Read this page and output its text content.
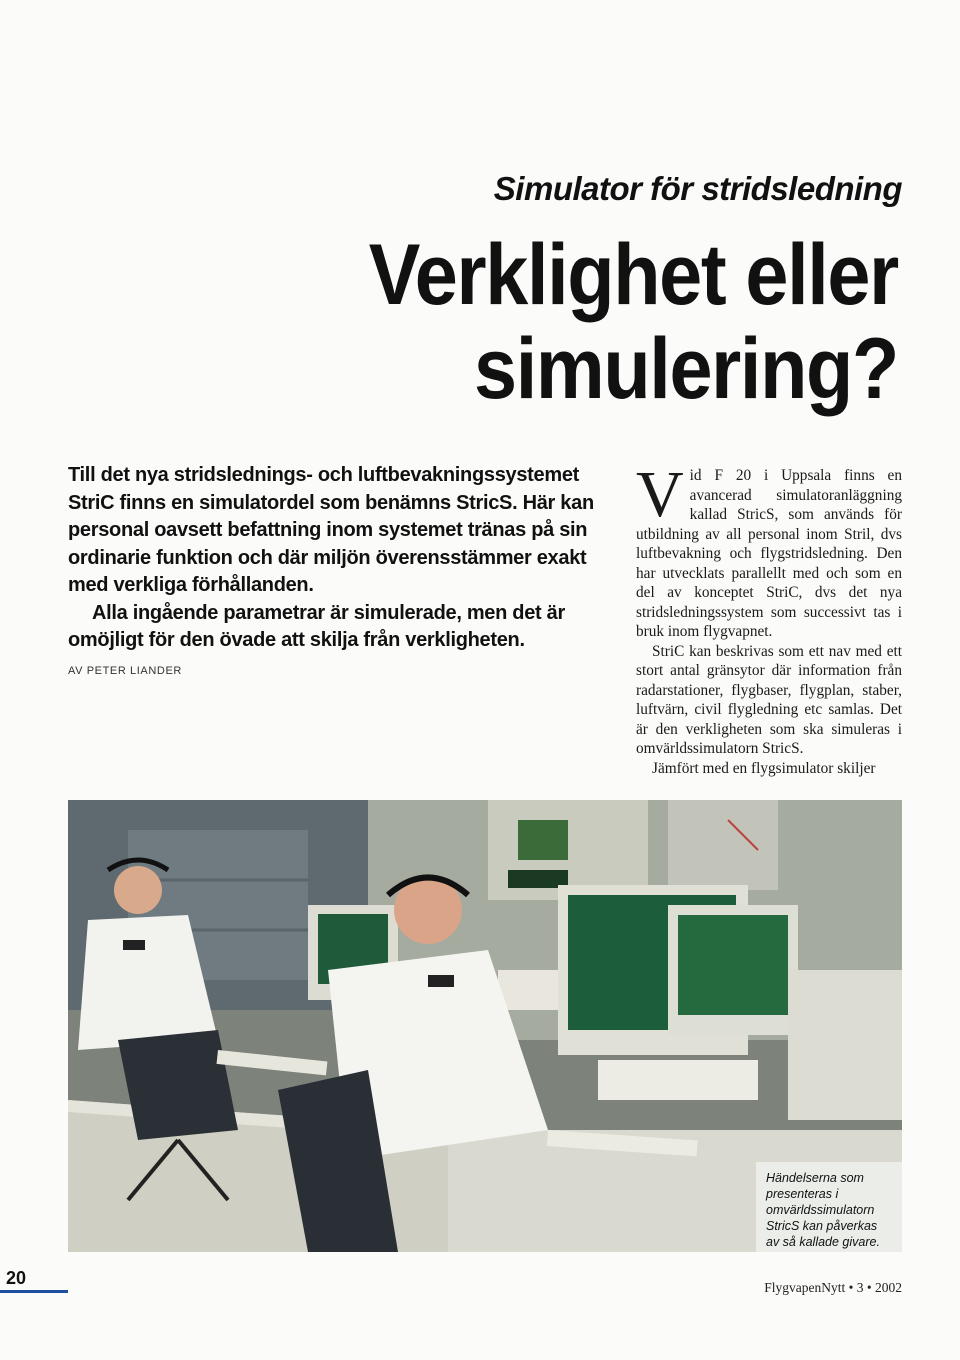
Simulator för stridsledning
Verklighet eller
simulering?

Till det nya stridslednings- och luftbevakningssystemet StriC finns en simulatordel som benämns StricS. Här kan personal oavsett befattning inom systemet tränas på sin ordinarie funktion och där miljön överensstämmer exakt med verkliga förhållanden.

Alla ingående parametrar är simulerade, men det är omöjligt för den övade att skilja från verkligheten.

AV PETER LIANDER

Vid F 20 i Uppsala finns en avancerad simulatoranläggning kallad StricS, som används för utbildning av all personal inom Stril, dvs luftbevakning och flygstridsledning. Den har utvecklats parallellt med och som en del av konceptet StriC, dvs det nya stridsledningssystem som successivt tas i bruk inom flygvapnet.

StriC kan beskrivas som ett nav med ett stort antal gränsytor där information från radarstationer, flygbaser, flygplan, staber, luftvärn, civil flygledning etc samlas. Det är den verkligheten som ska simuleras i omvärldssimulatorn StricS.

Jämfört med en flygsimulator skiljer

Händelserna som presenteras i omvärldssimulatorn StricS kan påverkas av så kallade givare.
20	FlygvapenNytt • 3 • 2002
